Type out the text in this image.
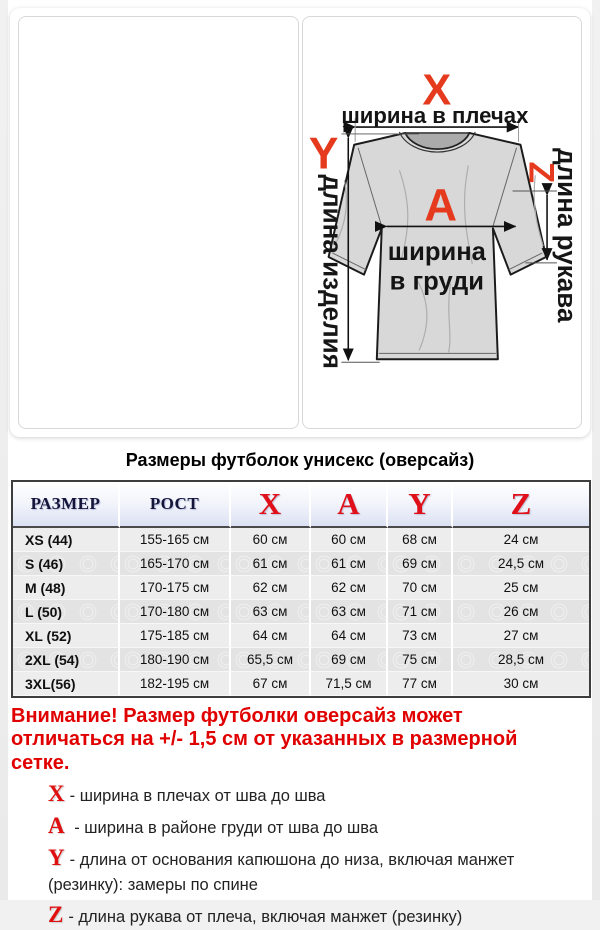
X
ширина в плечах
Y
длина изделия A
ширина
в груди
Z
длина рукава
Размеры футболок унисекс (оверсайз)
РАЗМЕР	РОСТ	X	A	Y	Z
XS (44)	155-165 см	60 см	60 см	68 см	24 см
S (46)	165-170 см	61 см	61 см	69 см	24,5 см
M (48)	170-175 см	62 см	62 см	70 см	25 см
L (50)	170-180 см	63 см	63 см	71 см	26 см
XL (52)	175-185 см	64 см	64 см	73 см	27 см
2XL (54)	180-190 см	65,5 см	69 см	75 см	28,5 см
3XL(56)	182-195 см	67 см	71,5 см	77 см	30 см

Внимание! Размер футболки оверсайз может отличаться на +/- 1,5 см от указанных в размерной сетке.

X - ширина в плечах от шва до шва
A - ширина в районе груди от шва до шва
Y - длина от основания капюшона до низа, включая манжет (резинку): замеры по спине
Z - длина рукава от плеча, включая манжет (резинку)
